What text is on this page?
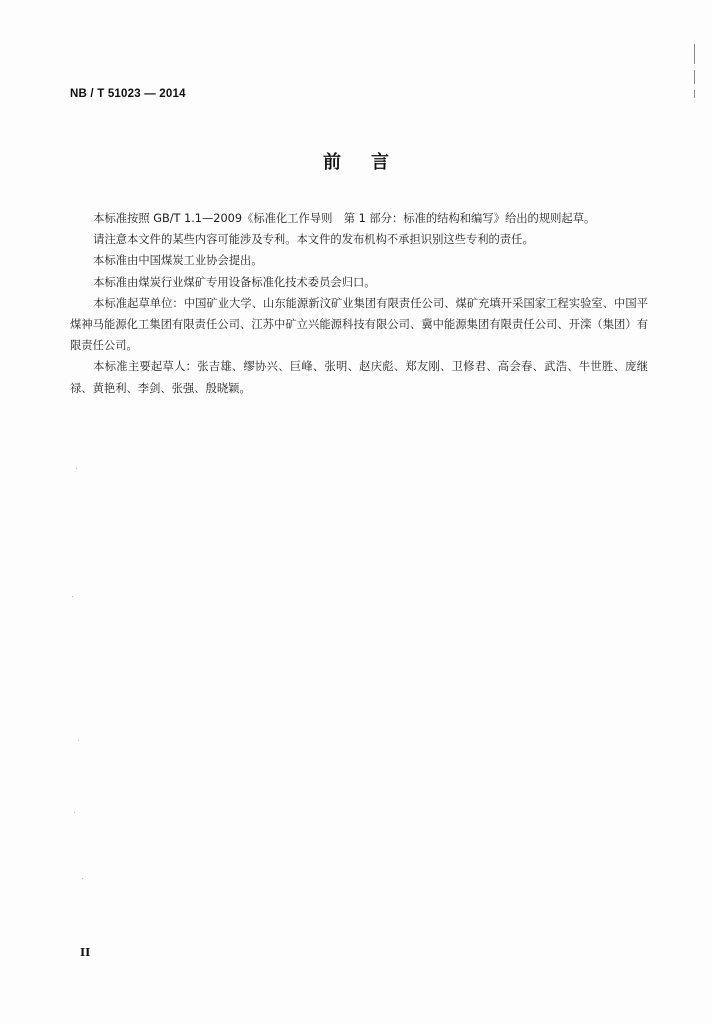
NB / T 51023 — 2014
前言

本标准按照 GB/T 1.1—2009《标准化工作导则　第 1 部分：标准的结构和编写》给出的规则起草。

请注意本文件的某些内容可能涉及专利。本文件的发布机构不承担识别这些专利的责任。

本标准由中国煤炭工业协会提出。

本标准由煤炭行业煤矿专用设备标准化技术委员会归口。

本标准起草单位：中国矿业大学、山东能源新汶矿业集团有限责任公司、煤矿充填开采国家工程实验室、中国平煤神马能源化工集团有限责任公司、江苏中矿立兴能源科技有限公司、冀中能源集团有限责任公司、开滦（集团）有限责任公司。

本标准主要起草人：张吉雄、缪协兴、巨峰、张明、赵庆彪、郑友刚、卫修君、高会春、武浩、牛世胜、庞继禄、黄艳利、李剑、张强、殷晓颖。

II
